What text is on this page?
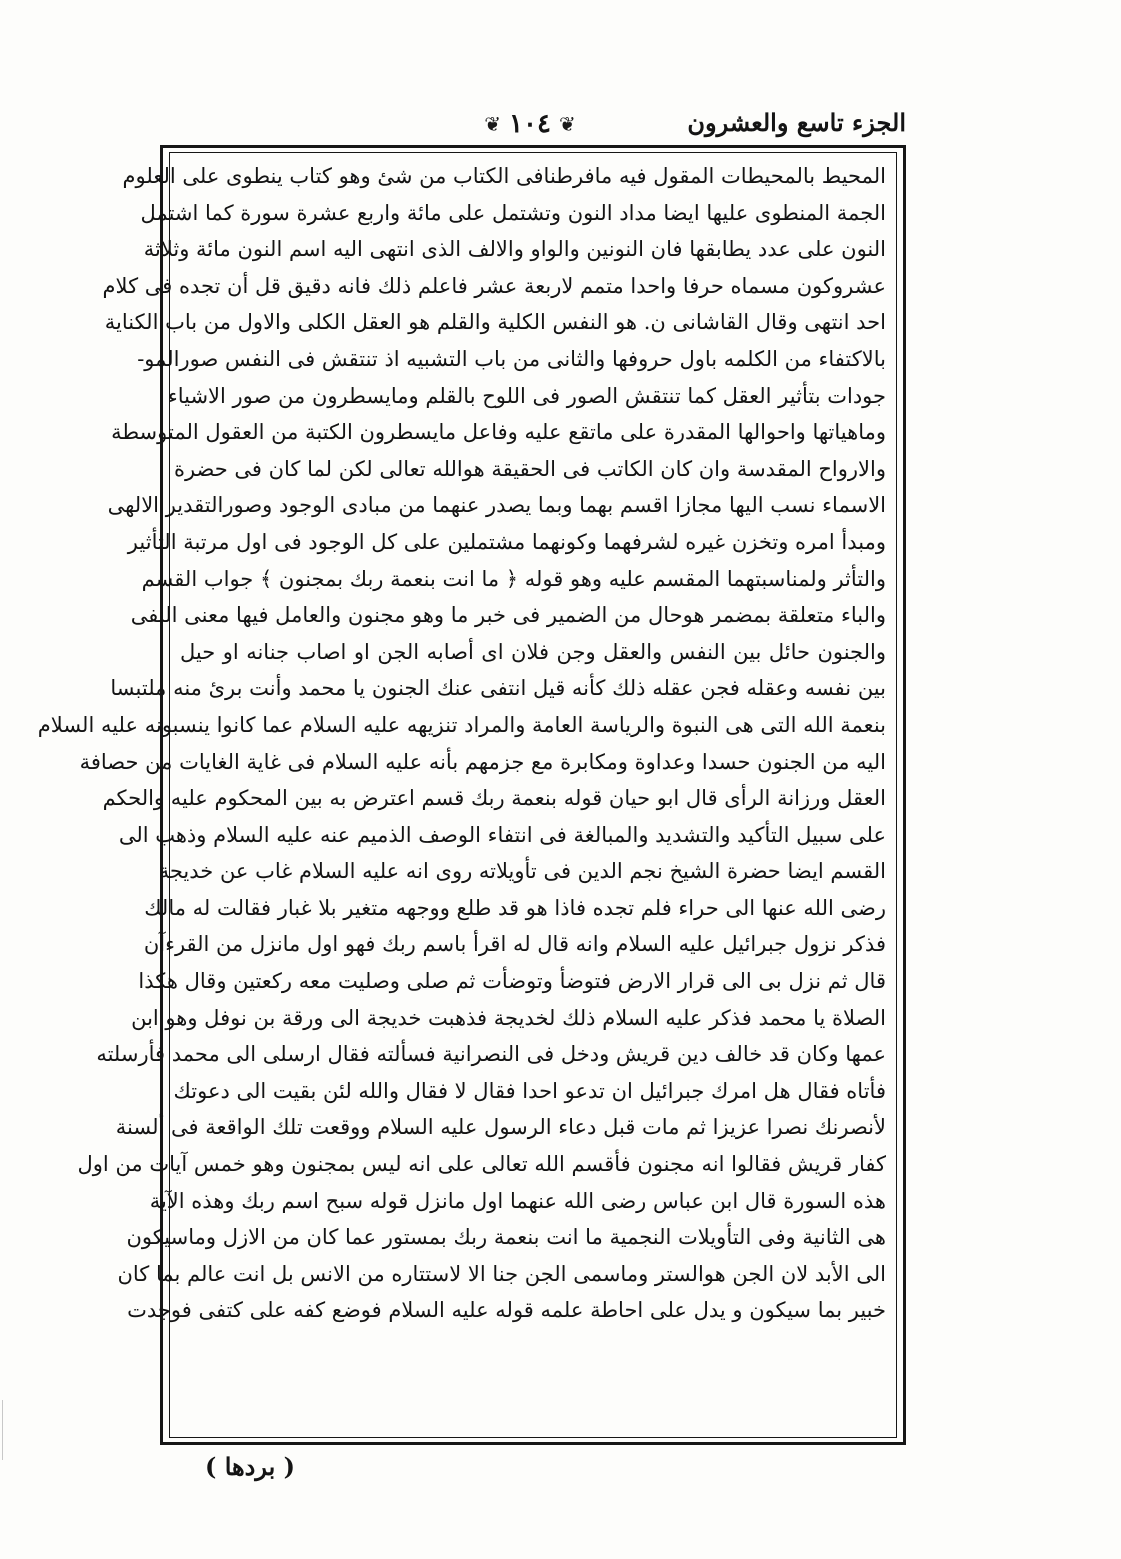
الجزء تاسع والعشرون
❦ ١٠٤ ❦
المحيط بالمحيطات المقول فيه مافرطنافى الكتاب من شئ وهو كتاب ينطوى على العلوم
الجمة المنطوى عليها ايضا مداد النون وتشتمل على مائة واربع عشرة سورة كما اشتمل
النون على عدد يطابقها فان النونين والواو والالف الذى انتهى اليه اسم النون مائة وثلاثة
عشروكون مسماه حرفا واحدا متمم لاربعة عشر فاعلم ذلك فانه دقيق قل أن تجده فى كلام
احد انتهى وقال القاشانى ن. هو النفس الكلية والقلم هو العقل الكلى والاول من باب الكناية
بالاكتفاء من الكلمه باول حروفها والثانى من باب التشبيه اذ تنتقش فى النفس صورالمو-
جودات بتأثير العقل كما تنتقش الصور فى اللوح بالقلم ومايسطرون من صور الاشياء
وماهياتها واحوالها المقدرة على ماتقع عليه وفاعل مايسطرون الكتبة من العقول المتوسطة
والارواح المقدسة وان كان الكاتب فى الحقيقة هوالله تعالى لكن لما كان فى حضرة
الاسماء نسب اليها مجازا اقسم بهما وبما يصدر عنهما من مبادى الوجود وصورالتقدير الالهى
ومبدأ امره وتخزن غيره لشرفهما وكونهما مشتملين على كل الوجود فى اول مرتبة التأثير
والتأثر ولمناسبتهما المقسم عليه وهو قوله ﴿ ما انت بنعمة ربك بمجنون ﴾ جواب القسم
والباء متعلقة بمضمر هوحال من الضمير فى خبر ما وهو مجنون والعامل فيها معنى النفى
والجنون حائل بين النفس والعقل وجن فلان اى أصابه الجن او اصاب جنانه او حيل
بين نفسه وعقله فجن عقله ذلك كأنه قيل انتفى عنك الجنون يا محمد وأنت برئ منه ملتبسا
بنعمة الله التى هى النبوة والرياسة العامة والمراد تنزيهه عليه السلام عما كانوا ينسبونه عليه السلام
اليه من الجنون حسدا وعداوة ومكابرة مع جزمهم بأنه عليه السلام فى غاية الغايات من حصافة
العقل ورزانة الرأى قال ابو حيان قوله بنعمة ربك قسم اعترض به بين المحكوم عليه والحكم
على سبيل التأكيد والتشديد والمبالغة فى انتفاء الوصف الذميم عنه عليه السلام وذهب الى
القسم ايضا حضرة الشيخ نجم الدين فى تأويلاته روى انه عليه السلام غاب عن خديجة
رضى الله عنها الى حراء فلم تجده فاذا هو قد طلع ووجهه متغير بلا غبار فقالت له مالك
فذكر نزول جبرائيل عليه السلام وانه قال له اقرأ باسم ربك فهو اول مانزل من القرءآن
قال ثم نزل بى الى قرار الارض فتوضأ وتوضأت ثم صلى وصليت معه ركعتين وقال هكذا
الصلاة يا محمد فذكر عليه السلام ذلك لخديجة فذهبت خديجة الى ورقة بن نوفل وهو ابن
عمها وكان قد خالف دين قريش ودخل فى النصرانية فسألته فقال ارسلى الى محمد فأرسلته
فأتاه فقال هل امرك جبرائيل ان تدعو احدا فقال لا فقال والله لئن بقيت الى دعوتك
لأنصرنك نصرا عزيزا ثم مات قبل دعاء الرسول عليه السلام ووقعت تلك الواقعة فى ألسنة
كفار قريش فقالوا انه مجنون فأقسم الله تعالى على انه ليس بمجنون وهو خمس آيات من اول
هذه السورة قال ابن عباس رضى الله عنهما اول مانزل قوله سبح اسم ربك وهذه الآية
هى الثانية وفى التأويلات النجمية ما انت بنعمة ربك بمستور عما كان من الازل وماسيكون
الى الأبد لان الجن هوالستر وماسمى الجن جنا الا لاستتاره من الانس بل انت عالم بما كان
خبير بما سيكون و يدل على احاطة علمه قوله عليه السلام فوضع كفه على كتفى فوجدت
( بردها )
